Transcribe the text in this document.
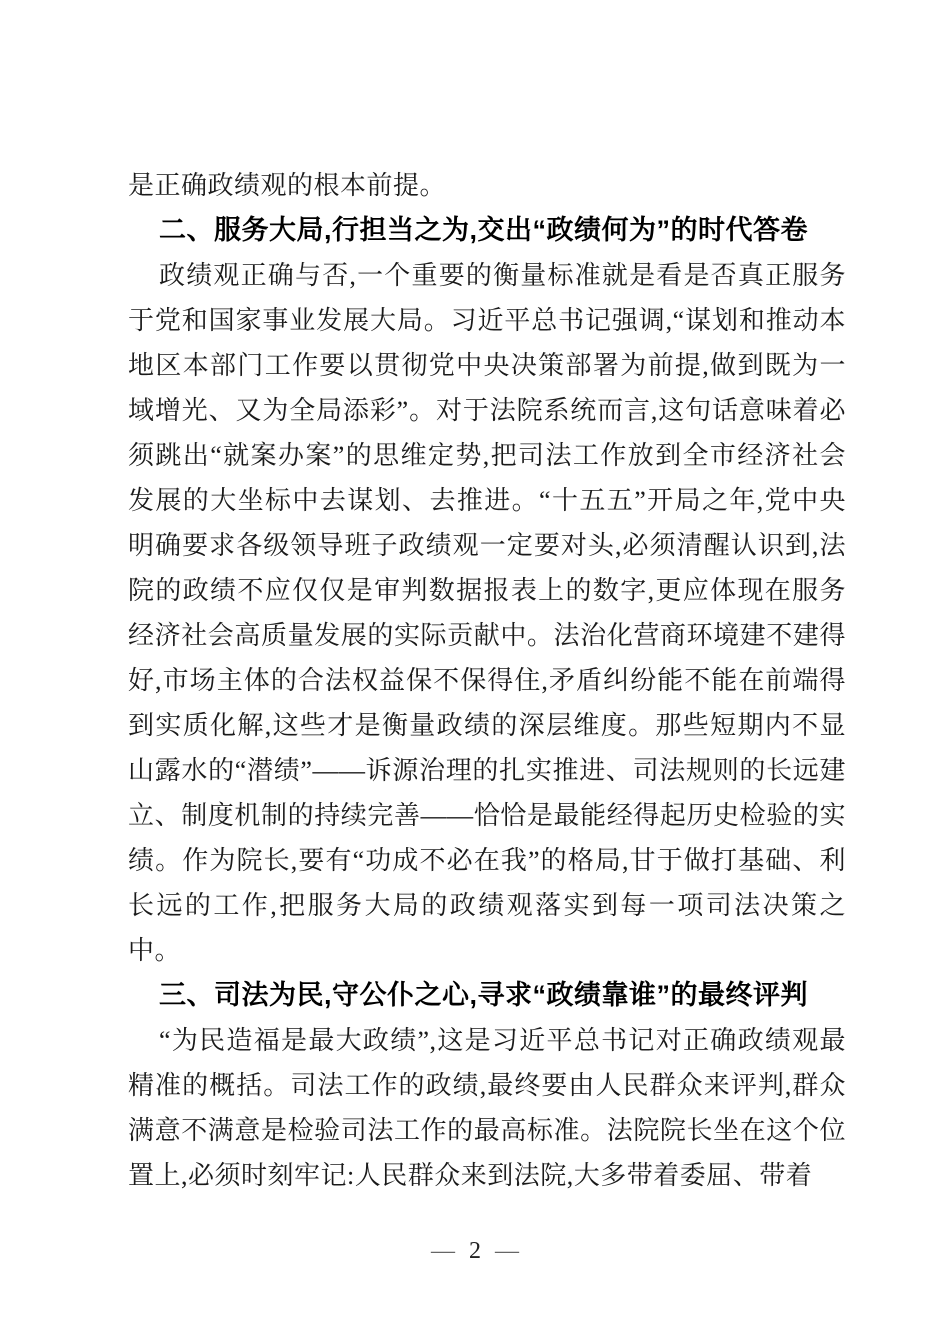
是正确政绩观的根本前提。

二、服务大局,行担当之为,交出“政绩何为”的时代答卷

政绩观正确与否,一个重要的衡量标准就是看是否真正服务于党和国家事业发展大局。习近平总书记强调,“谋划和推动本地区本部门工作要以贯彻党中央决策部署为前提,做到既为一域增光、又为全局添彩”。对于法院系统而言,这句话意味着必须跳出“就案办案”的思维定势,把司法工作放到全市经济社会发展的大坐标中去谋划、去推进。“十五五”开局之年,党中央明确要求各级领导班子政绩观一定要对头,必须清醒认识到,法院的政绩不应仅仅是审判数据报表上的数字,更应体现在服务经济社会高质量发展的实际贡献中。法治化营商环境建不建得好,市场主体的合法权益保不保得住,矛盾纠纷能不能在前端得到实质化解,这些才是衡量政绩的深层维度。那些短期内不显山露水的“潜绩”——诉源治理的扎实推进、司法规则的长远建立、制度机制的持续完善——恰恰是最能经得起历史检验的实绩。作为院长,要有“功成不必在我”的格局,甘于做打基础、利长远的工作,把服务大局的政绩观落实到每一项司法决策之中。

三、司法为民,守公仆之心,寻求“政绩靠谁”的最终评判

“为民造福是最大政绩”,这是习近平总书记对正确政绩观最精准的概括。司法工作的政绩,最终要由人民群众来评判,群众满意不满意是检验司法工作的最高标准。法院院长坐在这个位置上,必须时刻牢记:人民群众来到法院,大多带着委屈、带着

— 2 —
